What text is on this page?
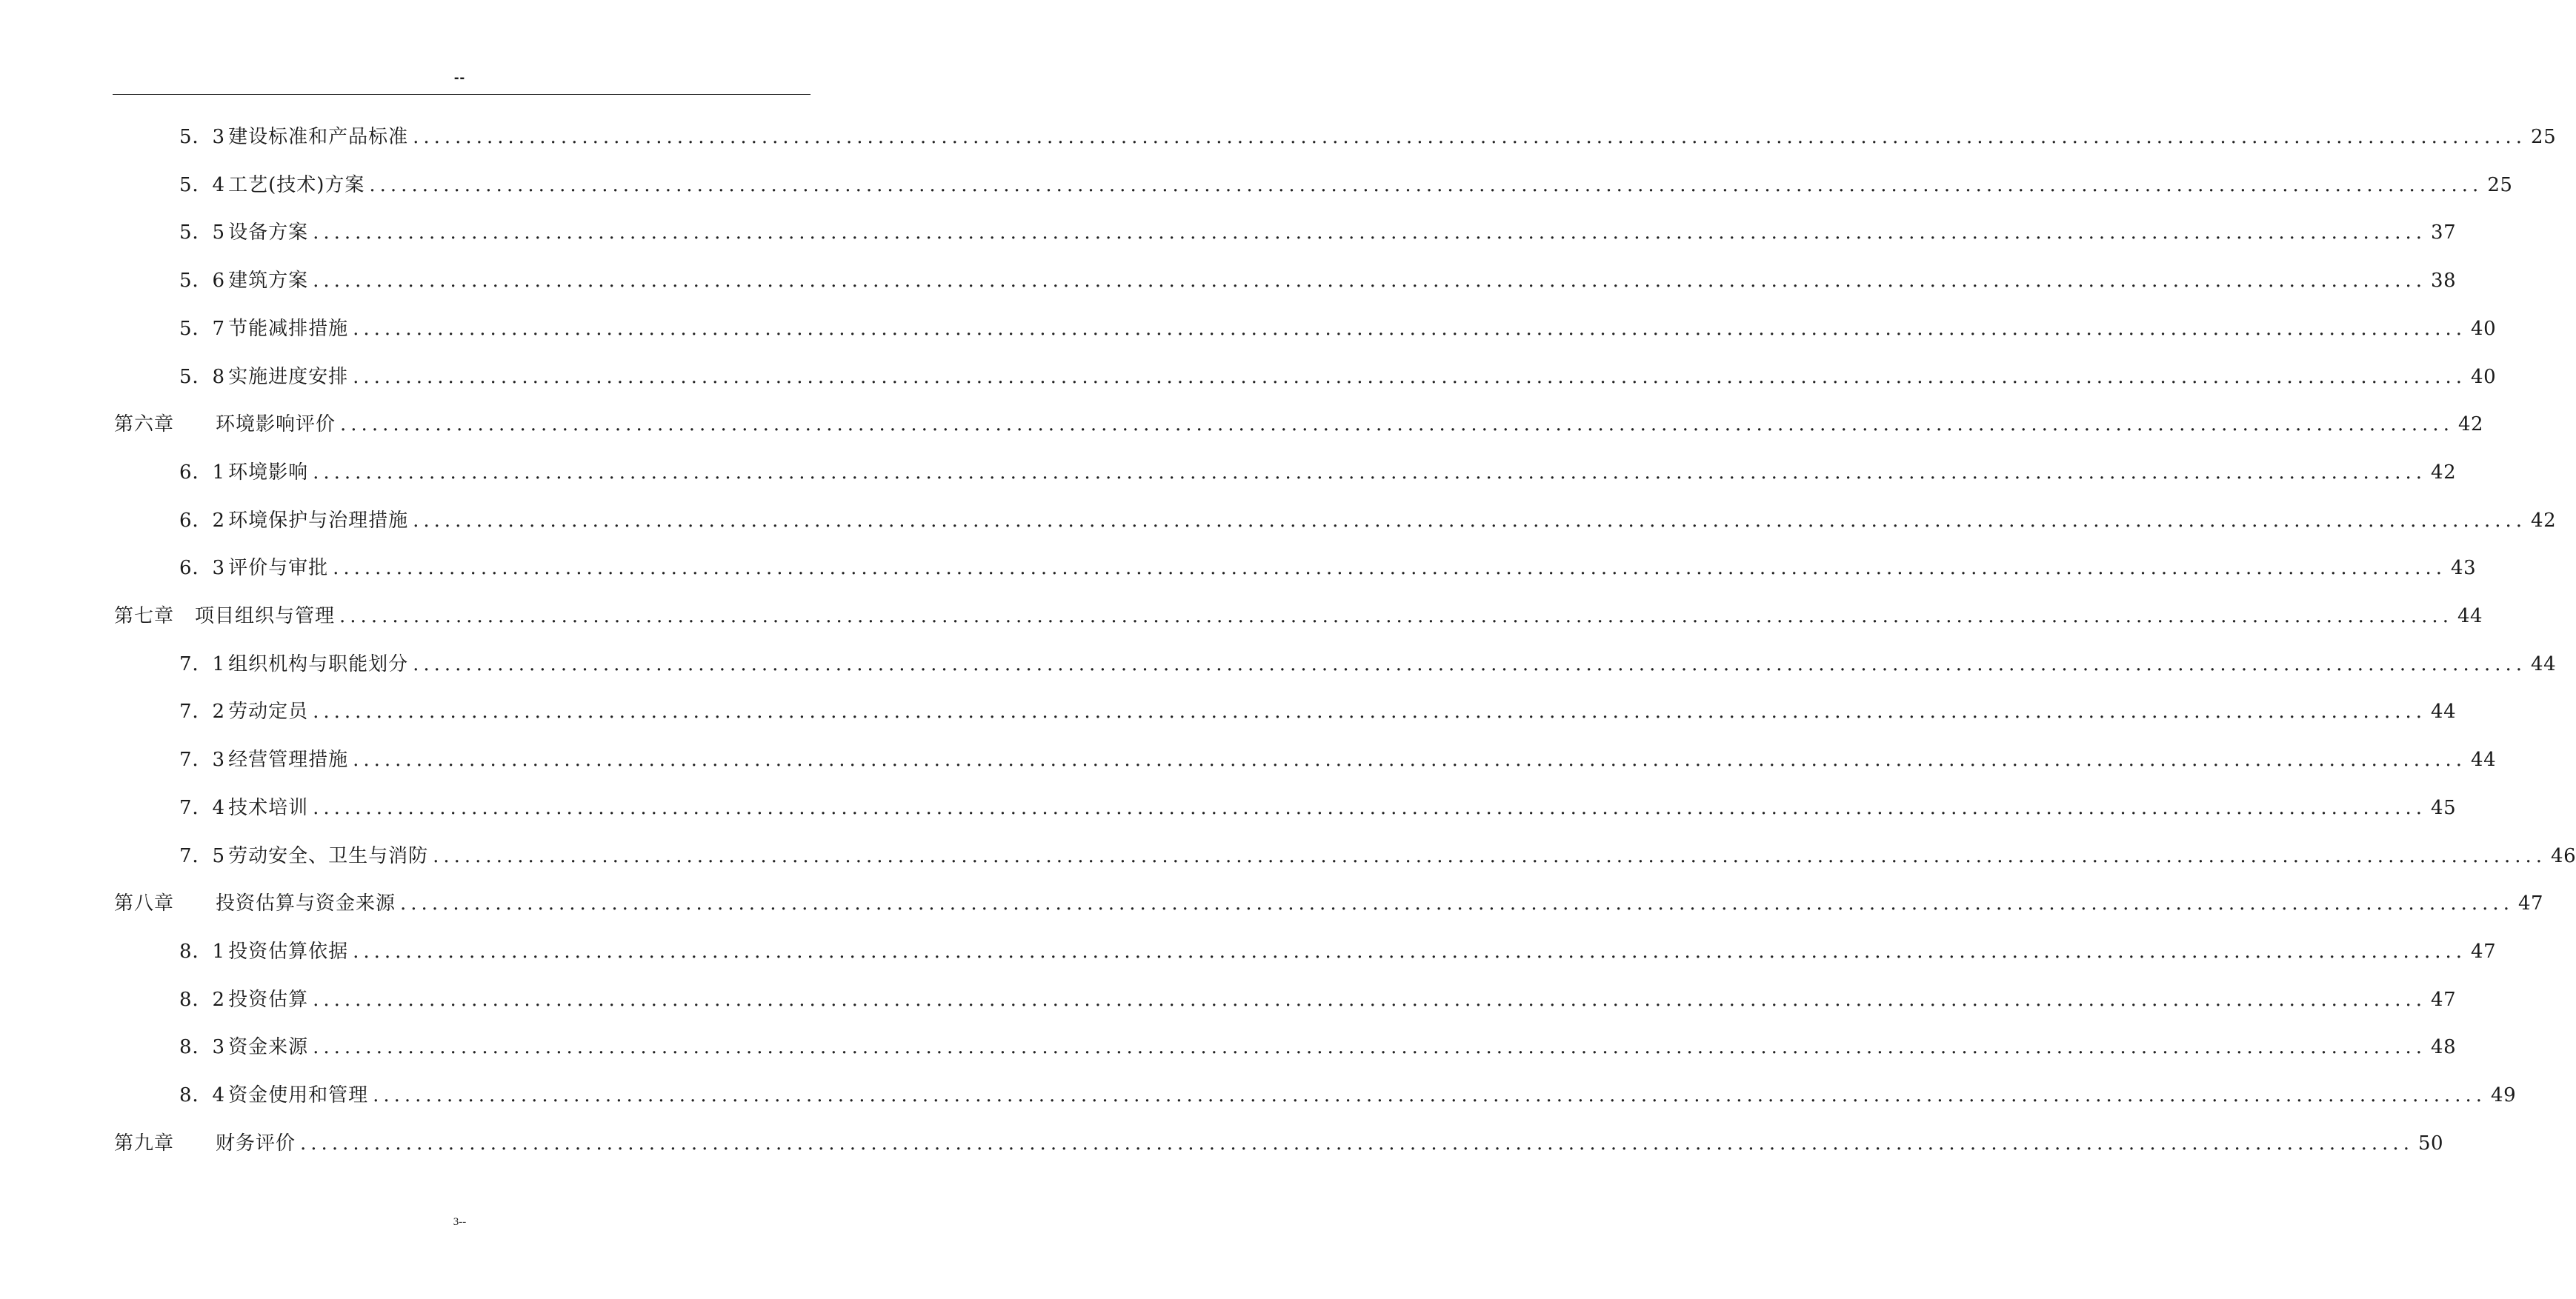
--
5．3 建设标准和产品标准 ........................................................................................................................................................................................................ 25
5．4 工艺(技术)方案 ........................................................................................................................................................................................................ 25
5．5 设备方案 ........................................................................................................................................................................................................ 37
5．6 建筑方案 ........................................................................................................................................................................................................ 38
5．7 节能减排措施 ........................................................................................................................................................................................................ 40
5．8 实施进度安排 ........................................................................................................................................................................................................ 40
第六章 环境影响评价 ........................................................................................................................................................................................................ 42
6．1 环境影响 ........................................................................................................................................................................................................ 42
6．2 环境保护与治理措施 ........................................................................................................................................................................................................ 42
6．3 评价与审批 ........................................................................................................................................................................................................ 43
第七章 项目组织与管理 ........................................................................................................................................................................................................ 44
7．1 组织机构与职能划分 ........................................................................................................................................................................................................ 44
7．2 劳动定员 ........................................................................................................................................................................................................ 44
7．3 经营管理措施 ........................................................................................................................................................................................................ 44
7．4 技术培训 ........................................................................................................................................................................................................ 45
7．5 劳动安全、卫生与消防 ........................................................................................................................................................................................................ 46
第八章 投资估算与资金来源 ........................................................................................................................................................................................................ 47
8．1 投资估算依据 ........................................................................................................................................................................................................ 47
8．2 投资估算 ........................................................................................................................................................................................................ 47
8．3 资金来源 ........................................................................................................................................................................................................ 48
8．4 资金使用和管理 ........................................................................................................................................................................................................ 49
第九章 财务评价 ........................................................................................................................................................................................................ 50
3--
